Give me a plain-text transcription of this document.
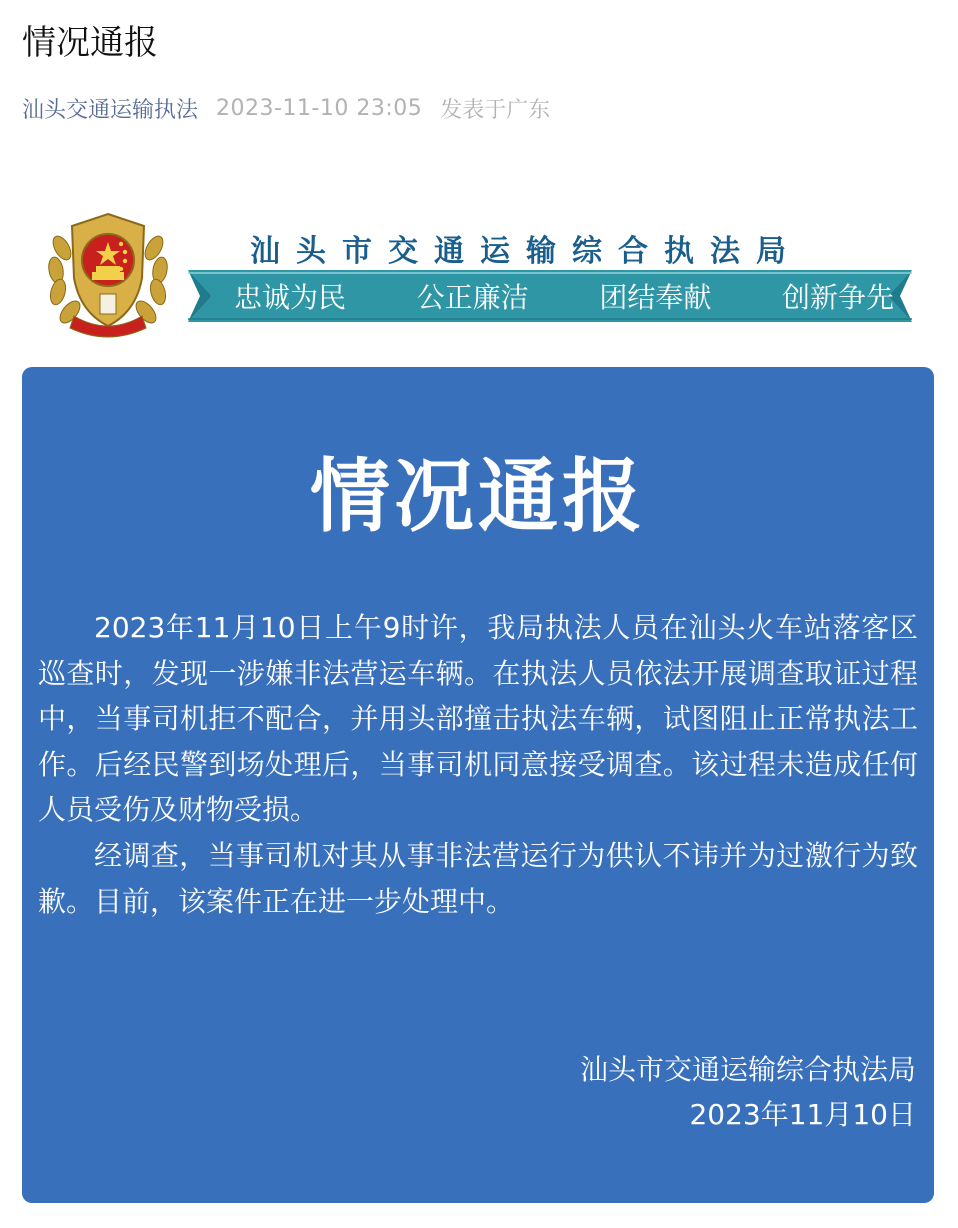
情况通报
汕头交通运输执法 2023-11-10 23:05 发表于广东
汕头市交通运输综合执法局
忠诚为民	公正廉洁	团结奉献	创新争先
情况通报

2023年11月10日上午9时许，我局执法人员在汕头火车站落客区巡查时，发现一涉嫌非法营运车辆。在执法人员依法开展调查取证过程中，当事司机拒不配合，并用头部撞击执法车辆，试图阻止正常执法工作。后经民警到场处理后，当事司机同意接受调查。该过程未造成任何人员受伤及财物受损。

经调查，当事司机对其从事非法营运行为供认不讳并为过激行为致歉。目前，该案件正在进一步处理中。

汕头市交通运输综合执法局
2023年11月10日
